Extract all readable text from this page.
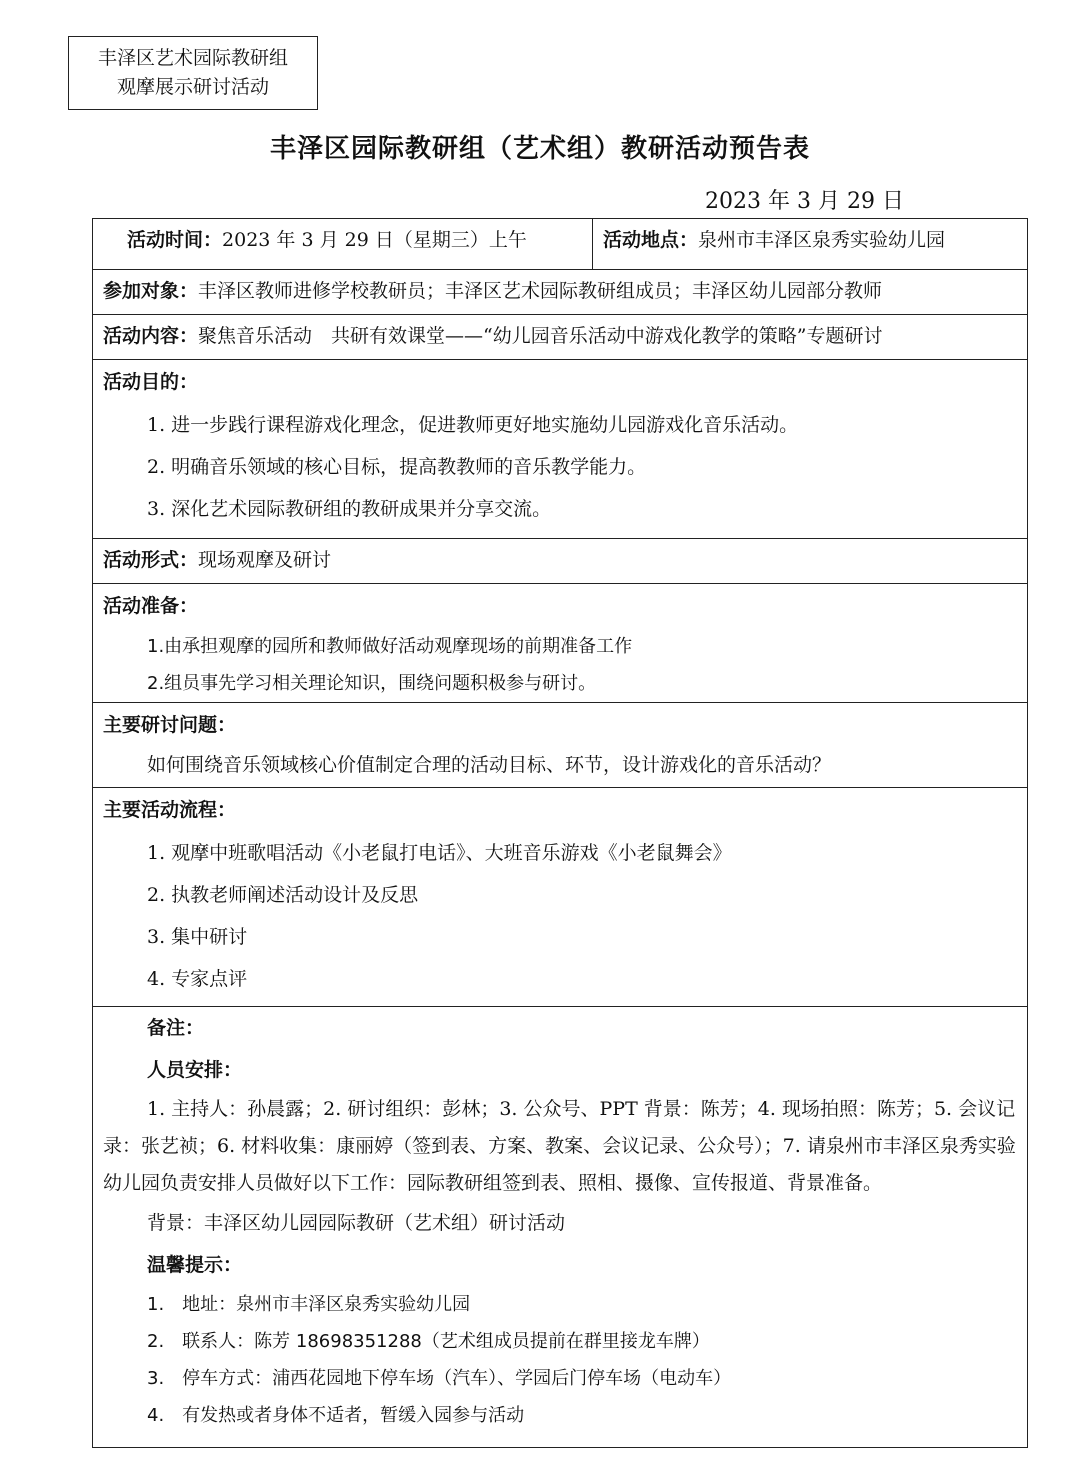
丰泽区艺术园际教研组
观摩展示研讨活动
丰泽区园际教研组（艺术组）教研活动预告表
2023 年 3 月 29 日
活动时间：2023 年 3 月 29 日（星期三）上午	活动地点：泉州市丰泽区泉秀实验幼儿园
参加对象：丰泽区教师进修学校教研员；丰泽区艺术园际教研组成员；丰泽区幼儿园部分教师
活动内容：聚焦音乐活动　共研有效课堂——“幼儿园音乐活动中游戏化教学的策略”专题研讨

活动目的：
1. 进一步践行课程游戏化理念，促进教师更好地实施幼儿园游戏化音乐活动。
2. 明确音乐领域的核心目标，提高教教师的音乐教学能力。
3. 深化艺术园际教研组的教研成果并分享交流。

活动形式：现场观摩及研讨

活动准备：
1.由承担观摩的园所和教师做好活动观摩现场的前期准备工作
2.组员事先学习相关理论知识，围绕问题积极参与研讨。

主要研讨问题：
如何围绕音乐领域核心价值制定合理的活动目标、环节，设计游戏化的音乐活动？

主要活动流程：
1. 观摩中班歌唱活动《小老鼠打电话》、大班音乐游戏《小老鼠舞会》
2. 执教老师阐述活动设计及反思
3. 集中研讨
4. 专家点评

备注：
人员安排：
1. 主持人：孙晨露；2. 研讨组织：彭林；3. 公众号、PPT 背景：陈芳；4. 现场拍照：陈芳；5. 会议记录：张艺祯；6. 材料收集：康丽婷（签到表、方案、教案、会议记录、公众号）；7. 请泉州市丰泽区泉秀实验幼儿园负责安排人员做好以下工作：园际教研组签到表、照相、摄像、宣传报道、背景准备。
背景：丰泽区幼儿园园际教研（艺术组）研讨活动
温馨提示：
1.　地址：泉州市丰泽区泉秀实验幼儿园
2.　联系人：陈芳 18698351288（艺术组成员提前在群里接龙车牌）
3.　停车方式：浦西花园地下停车场（汽车）、学园后门停车场（电动车）
4.　有发热或者身体不适者，暂缓入园参与活动
